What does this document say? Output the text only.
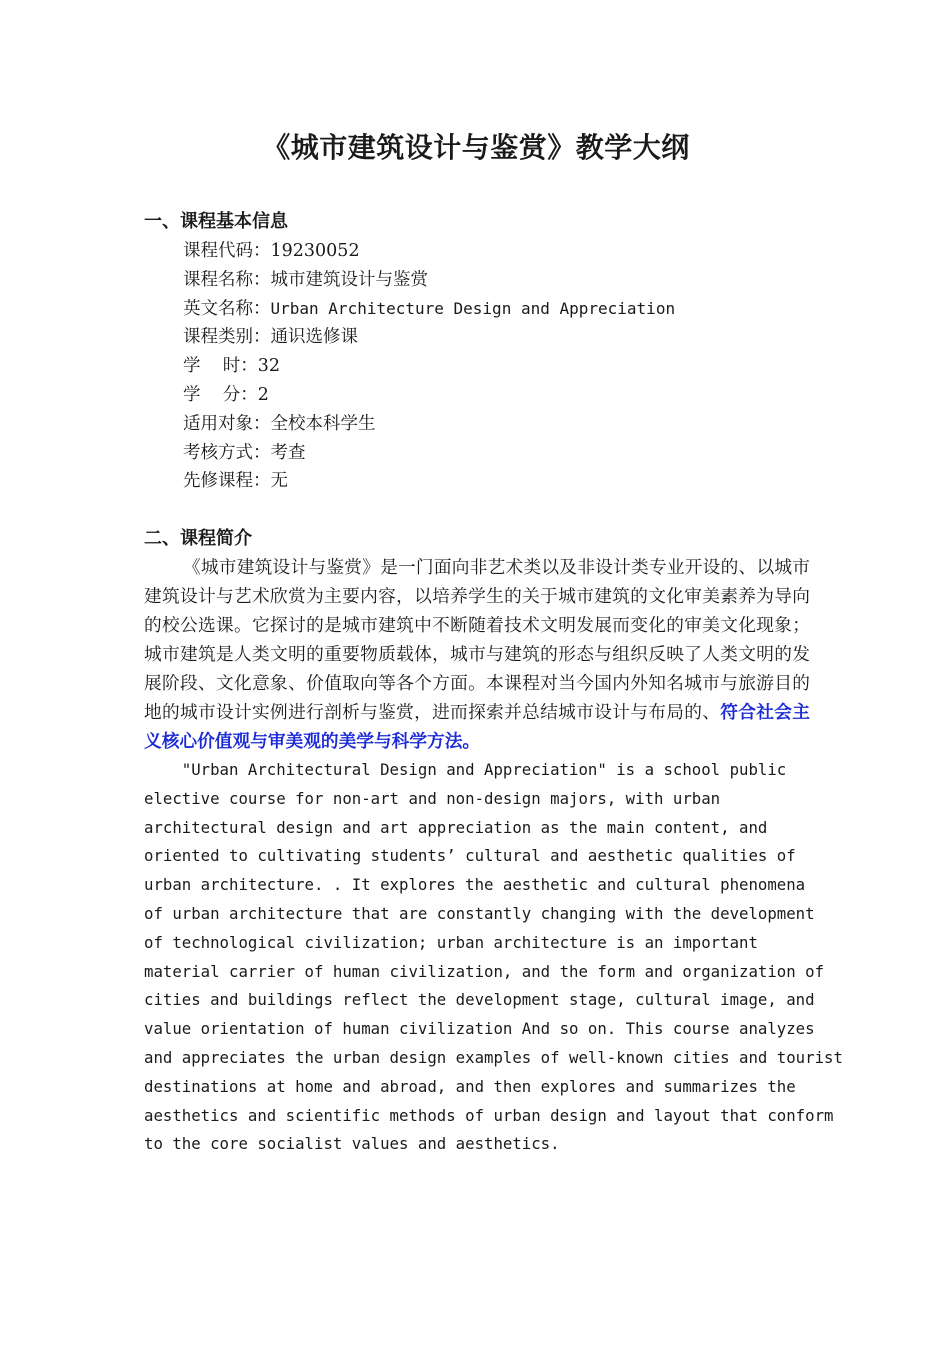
《城市建筑设计与鉴赏》教学大纲
一、课程基本信息
课程代码：19230052
课程名称：城市建筑设计与鉴赏
英文名称：Urban Architecture Design and Appreciation
课程类别：通识选修课
学    时：32
学    分：2
适用对象：全校本科学生
考核方式：考查
先修课程：无
二、课程简介

《城市建筑设计与鉴赏》是一门面向非艺术类以及非设计类专业开设的、以城市建筑设计与艺术欣赏为主要内容，以培养学生的关于城市建筑的文化审美素养为导向的校公选课。它探讨的是城市建筑中不断随着技术文明发展而变化的审美文化现象；城市建筑是人类文明的重要物质载体，城市与建筑的形态与组织反映了人类文明的发展阶段、文化意象、价值取向等各个方面。本课程对当今国内外知名城市与旅游目的地的城市设计实例进行剖析与鉴赏，进而探索并总结城市设计与布局的、符合社会主义核心价值观与审美观的美学与科学方法。

"Urban Architectural Design and Appreciation" is a school public
elective course for non-art and non-design majors, with urban
architectural design and art appreciation as the main content, and
oriented to cultivating students’ cultural and aesthetic qualities of
urban architecture. . It explores the aesthetic and cultural phenomena
of urban architecture that are constantly changing with the development
of technological civilization; urban architecture is an important
material carrier of human civilization, and the form and organization of
cities and buildings reflect the development stage, cultural image, and
value orientation of human civilization And so on. This course analyzes
and appreciates the urban design examples of well-known cities and tourist
destinations at home and abroad, and then explores and summarizes the
aesthetics and scientific methods of urban design and layout that conform
to the core socialist values and aesthetics.
